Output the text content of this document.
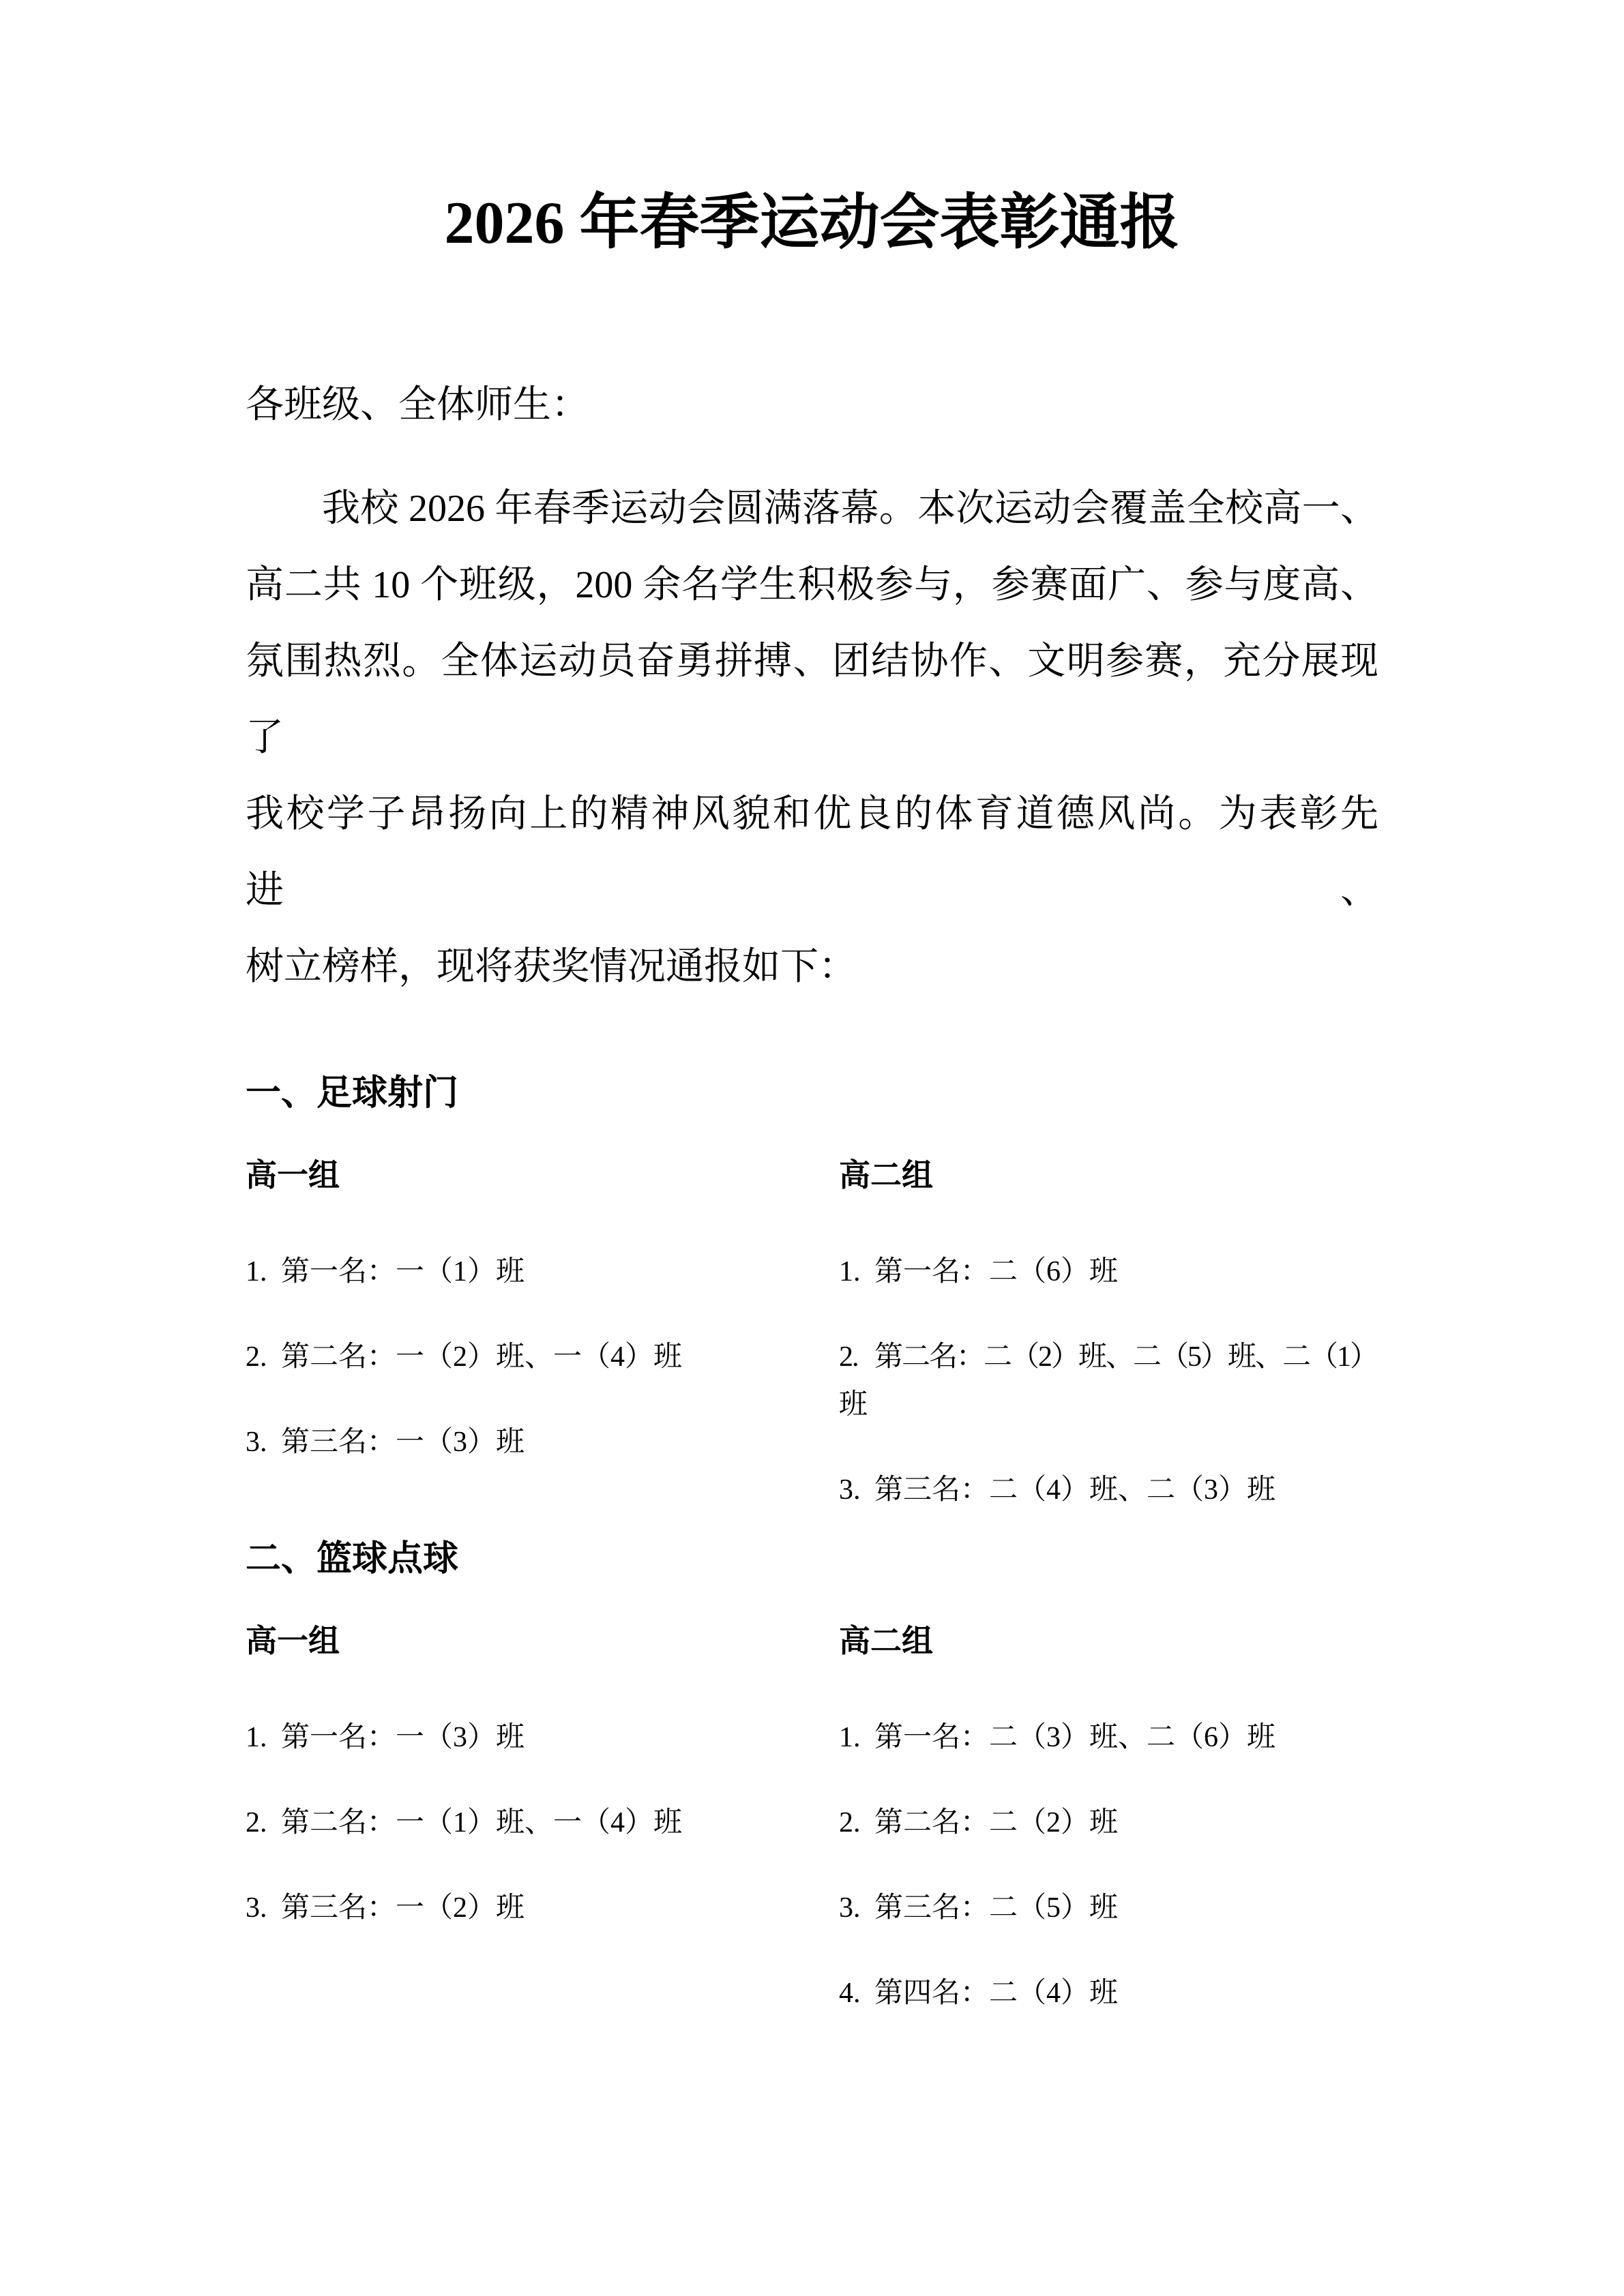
2026 年春季运动会表彰通报
各班级、全体师生：
我校 2026 年春季运动会圆满落幕。本次运动会覆盖全校高一、
高二共 10 个班级，200 余名学生积极参与，参赛面广、参与度高、
氛围热烈。全体运动员奋勇拼搏、团结协作、文明参赛，充分展现了
我校学子昂扬向上的精神风貌和优良的体育道德风尚。为表彰先进、
树立榜样，现将获奖情况通报如下：
一、足球射门
高一组
1. 第一名：一（1）班
2. 第二名：一（2）班、一（4）班
3. 第三名：一（3）班
高二组
1. 第一名：二（6）班
2. 第二名：二（2）班、二（5）班、二（1）
班
3. 第三名：二（4）班、二（3）班
二、篮球点球
高一组
1. 第一名：一（3）班
2. 第二名：一（1）班、一（4）班
3. 第三名：一（2）班
高二组
1. 第一名：二（3）班、二（6）班
2. 第二名：二（2）班
3. 第三名：二（5）班
4. 第四名：二（4）班
